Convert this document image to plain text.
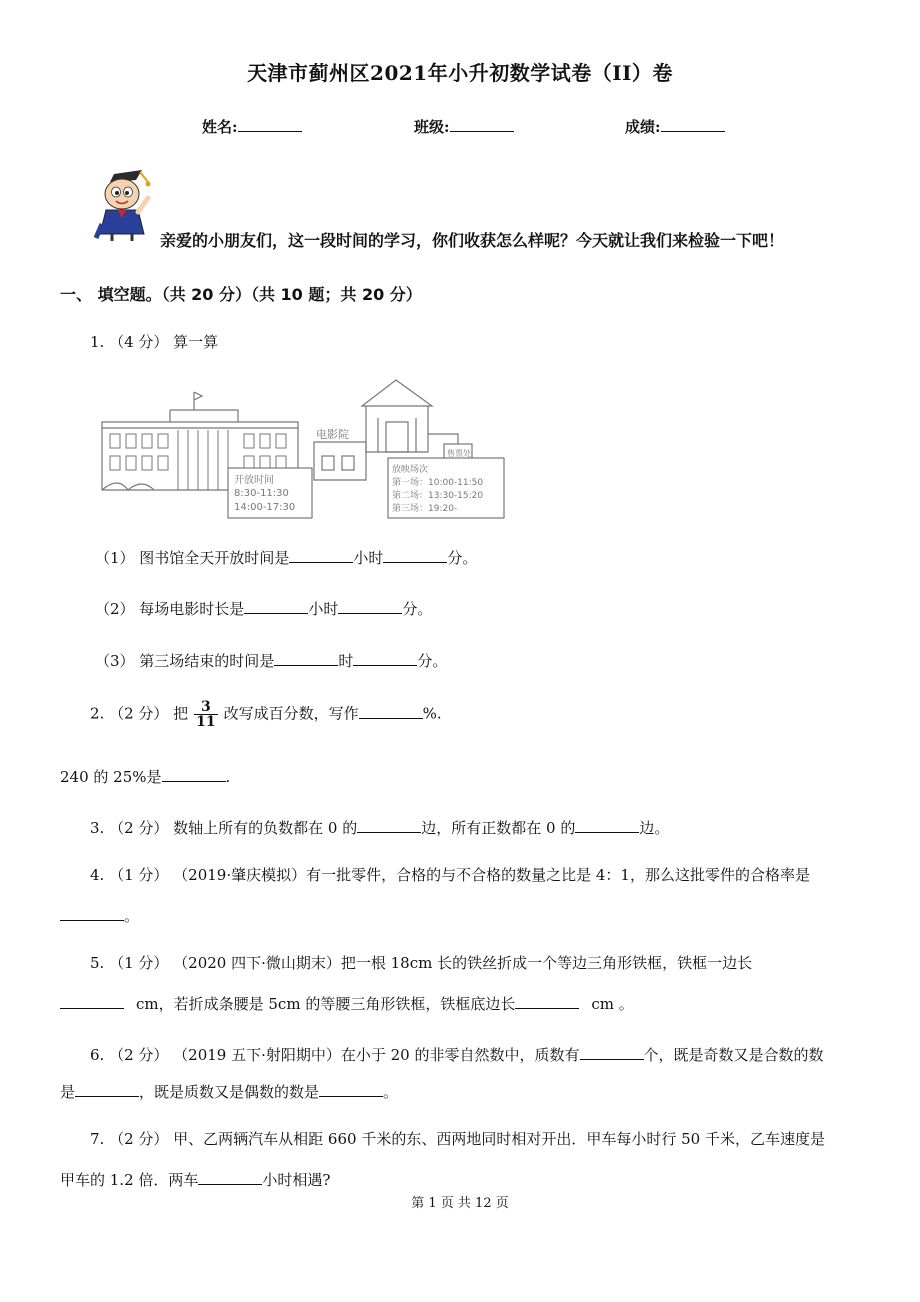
天津市蓟州区2021年小升初数学试卷（II）卷
姓名:	班级:	成绩:
亲爱的小朋友们，这一段时间的学习，你们收获怎么样呢？今天就让我们来检验一下吧！
一、 填空题。（共 20 分）（共 10 题；共 20 分）
1. （4 分） 算一算
开放时间
8:30-11:30
14:00-17:30
电影院
售票处
放映场次
第一场：10:00-11:50
第二场：13:30-15:20
第三场：19:20-
（1） 图书馆全天开放时间是	小时	分。
（2） 每场电影时长是	小时	分。
（3） 第三场结束的时间是	时	分。
2. （2 分） 把 $\frac{3}{11}$ 改写成百分数，写作	%.
240 的 25%是	.
3. （2 分） 数轴上所有的负数都在 0 的	边，所有正数都在 0 的	边。
4. （1 分） （2019·肇庆模拟）有一批零件，合格的与不合格的数量之比是 4：1，那么这批零件的合格率是
。
5. （1 分） （2020 四下·微山期末）把一根 18cm 长的铁丝折成一个等边三角形铁框，铁框一边长
cm，若折成条腰是 5cm 的等腰三角形铁框，铁框底边长	cm 。
6. （2 分） （2019 五下·射阳期中）在小于 20 的非零自然数中，质数有	个，既是奇数又是合数的数
是	，既是质数又是偶数的数是	。
7. （2 分） 甲、乙两辆汽车从相距 660 千米的东、西两地同时相对开出．甲车每小时行 50 千米，乙车速度是
甲车的 1.2 倍．两车	小时相遇?
第 1 页 共 12 页
